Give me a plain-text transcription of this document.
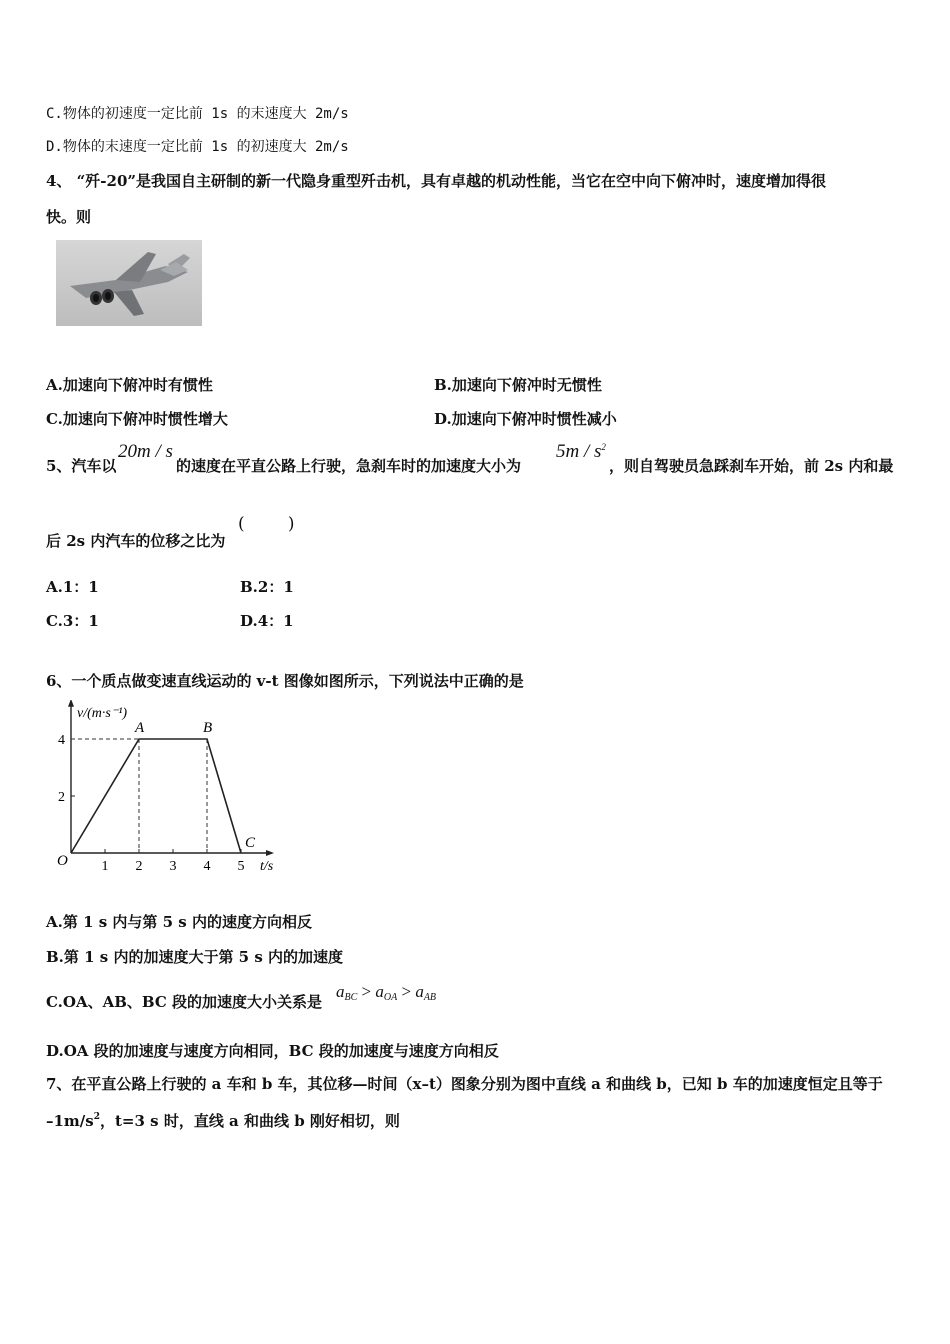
C.物体的初速度一定比前 1s 的末速度大 2m/s
D.物体的末速度一定比前 1s 的初速度大 2m/s
4、 “歼-20”是我国自主研制的新一代隐身重型歼击机，具有卓越的机动性能，当它在空中向下俯冲时，速度增加得很
快。则
A.加速向下俯冲时有惯性	B.加速向下俯冲时无惯性
C.加速向下俯冲时惯性增大	D.加速向下俯冲时惯性减小
5、汽车以
20m / s
的速度在平直公路上行驶，急刹车时的加速度大小为
$5m / s^2$
，则自驾驶员急踩刹车开始，前 2s 内和最
后 2s 内汽车的位移之比为
(        )
A.1：1	B.2：1
C.3：1	D.4：1
6、一个质点做变速直线运动的 v-t 图像如图所示，下列说法中正确的是
v/(m·s⁻¹)
t/s
O 1 2 3 4 5
2
4
A	B
C
A.第 1 s 内与第 5 s 内的速度方向相反
B.第 1 s 内的加速度大于第 5 s 内的加速度
C.OA、AB、BC 段的加速度大小关系是
$a_{BC} > a_{OA} > a_{AB}$
D.OA 段的加速度与速度方向相同，BC 段的加速度与速度方向相反
7、在平直公路上行驶的 a 车和 b 车，其位移—时间（x–t）图象分别为图中直线 a 和曲线 b，已知 b 车的加速度恒定且等于
$-1m/s^2$，t=3 s 时，直线 a 和曲线 b 刚好相切，则
